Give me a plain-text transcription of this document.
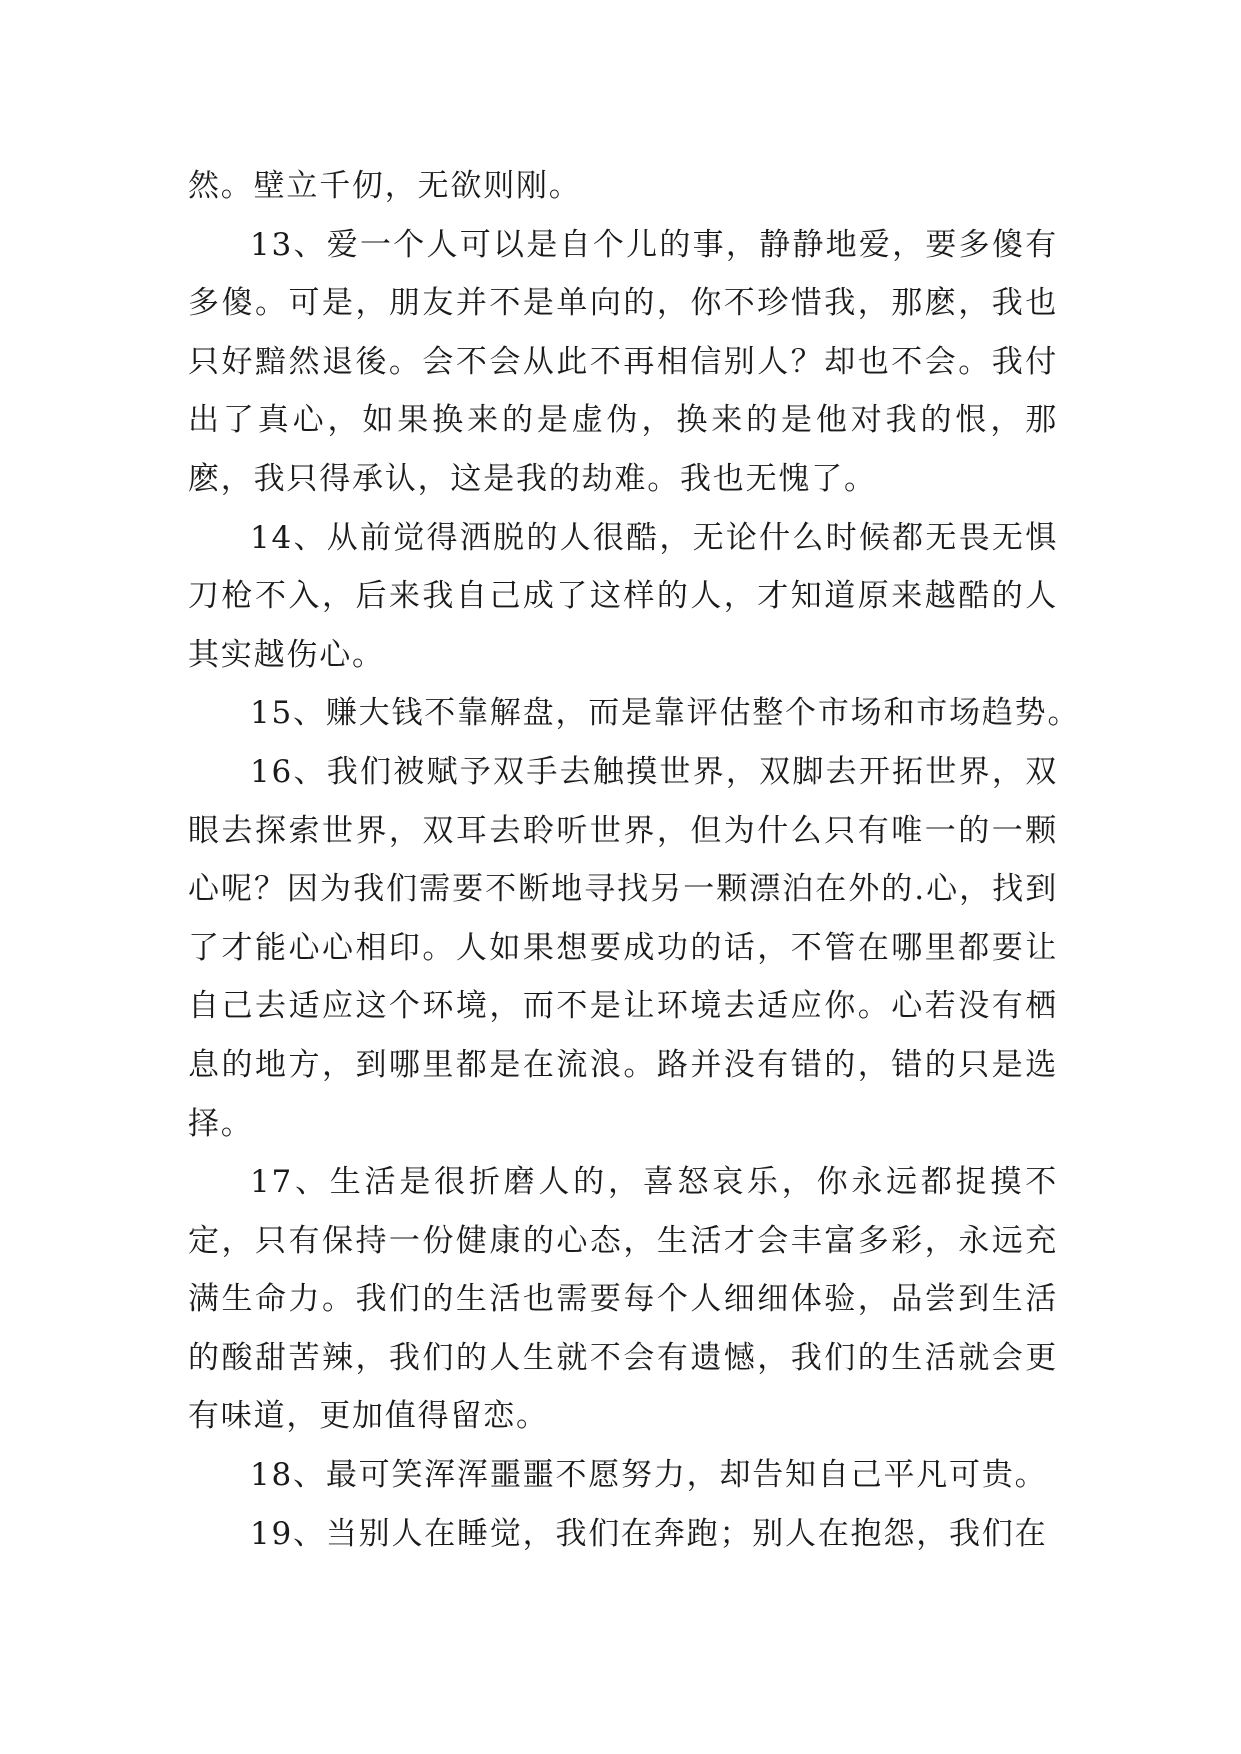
然。壁立千仞，无欲则刚。

13、爱一个人可以是自个儿的事，静静地爱，要多傻有多傻。可是，朋友并不是单向的，你不珍惜我，那麽，我也只好黯然退後。会不会从此不再相信别人？却也不会。我付出了真心，如果换来的是虚伪，换来的是他对我的恨，那麽，我只得承认，这是我的劫难。我也无愧了。

14、从前觉得洒脱的人很酷，无论什么时候都无畏无惧刀枪不入，后来我自己成了这样的人，才知道原来越酷的人其实越伤心。

15、赚大钱不靠解盘，而是靠评估整个市场和市场趋势。

16、我们被赋予双手去触摸世界，双脚去开拓世界，双眼去探索世界，双耳去聆听世界，但为什么只有唯一的一颗心呢？因为我们需要不断地寻找另一颗漂泊在外的.心，找到了才能心心相印。人如果想要成功的话，不管在哪里都要让自己去适应这个环境，而不是让环境去适应你。心若没有栖息的地方，到哪里都是在流浪。路并没有错的，错的只是选择。

17、生活是很折磨人的，喜怒哀乐，你永远都捉摸不定，只有保持一份健康的心态，生活才会丰富多彩，永远充满生命力。我们的生活也需要每个人细细体验，品尝到生活的酸甜苦辣，我们的人生就不会有遗憾，我们的生活就会更有味道，更加值得留恋。

18、最可笑浑浑噩噩不愿努力，却告知自己平凡可贵。

19、当别人在睡觉，我们在奔跑；别人在抱怨，我们在
